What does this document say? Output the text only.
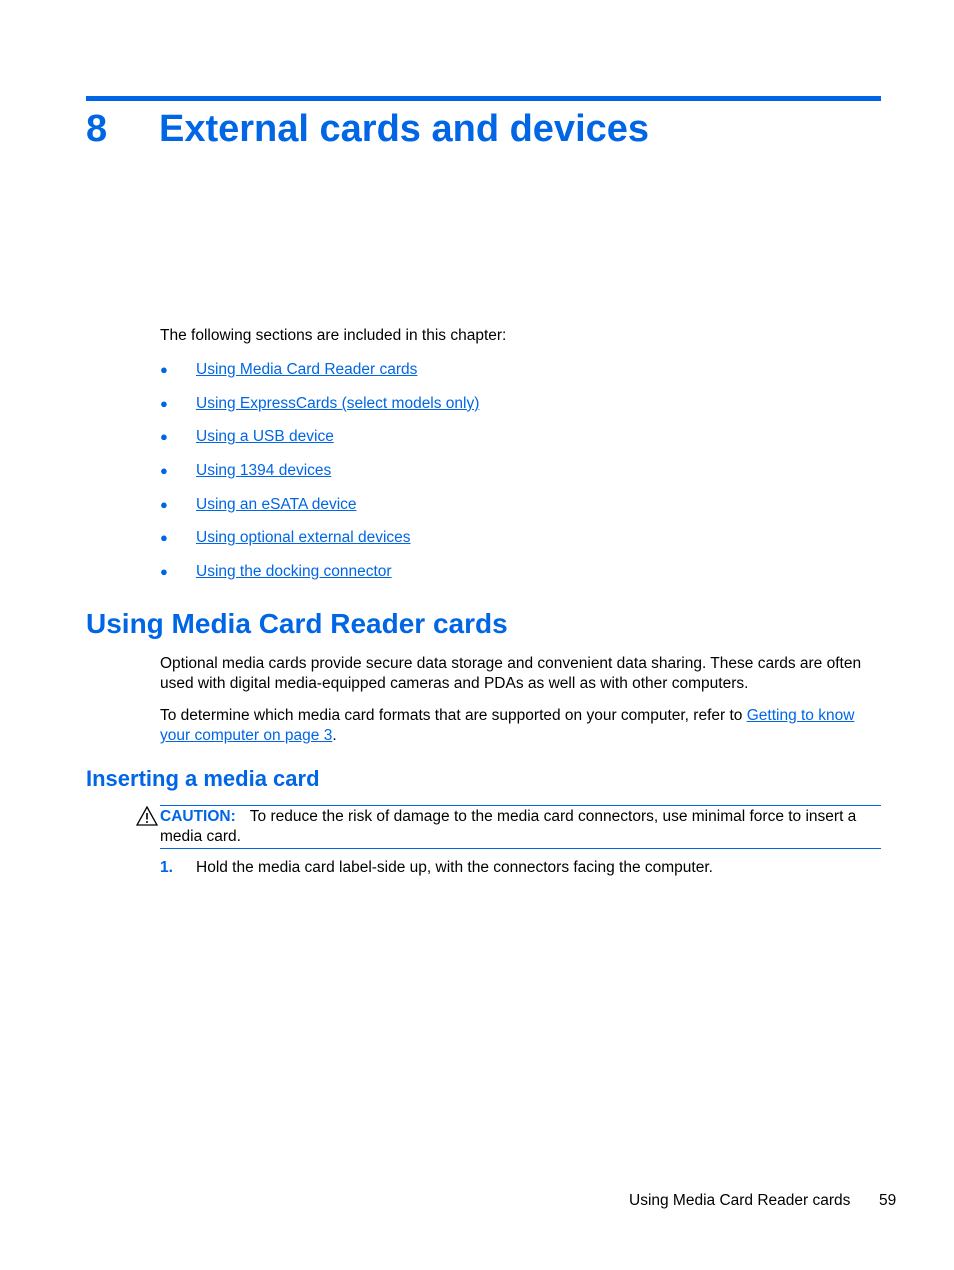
8 External cards and devices
The following sections are included in this chapter:
● Using Media Card Reader cards
● Using ExpressCards (select models only)
● Using a USB device
● Using 1394 devices
● Using an eSATA device
● Using optional external devices
● Using the docking connector
Using Media Card Reader cards
Optional media cards provide secure data storage and convenient data sharing. These cards are often used with digital media-equipped cameras and PDAs as well as with other computers.
To determine which media card formats that are supported on your computer, refer to Getting to know your computer on page 3.
Inserting a media card
CAUTION: To reduce the risk of damage to the media card connectors, use minimal force to insert a media card.
1. Hold the media card label-side up, with the connectors facing the computer.
Using Media Card Reader cards 59
